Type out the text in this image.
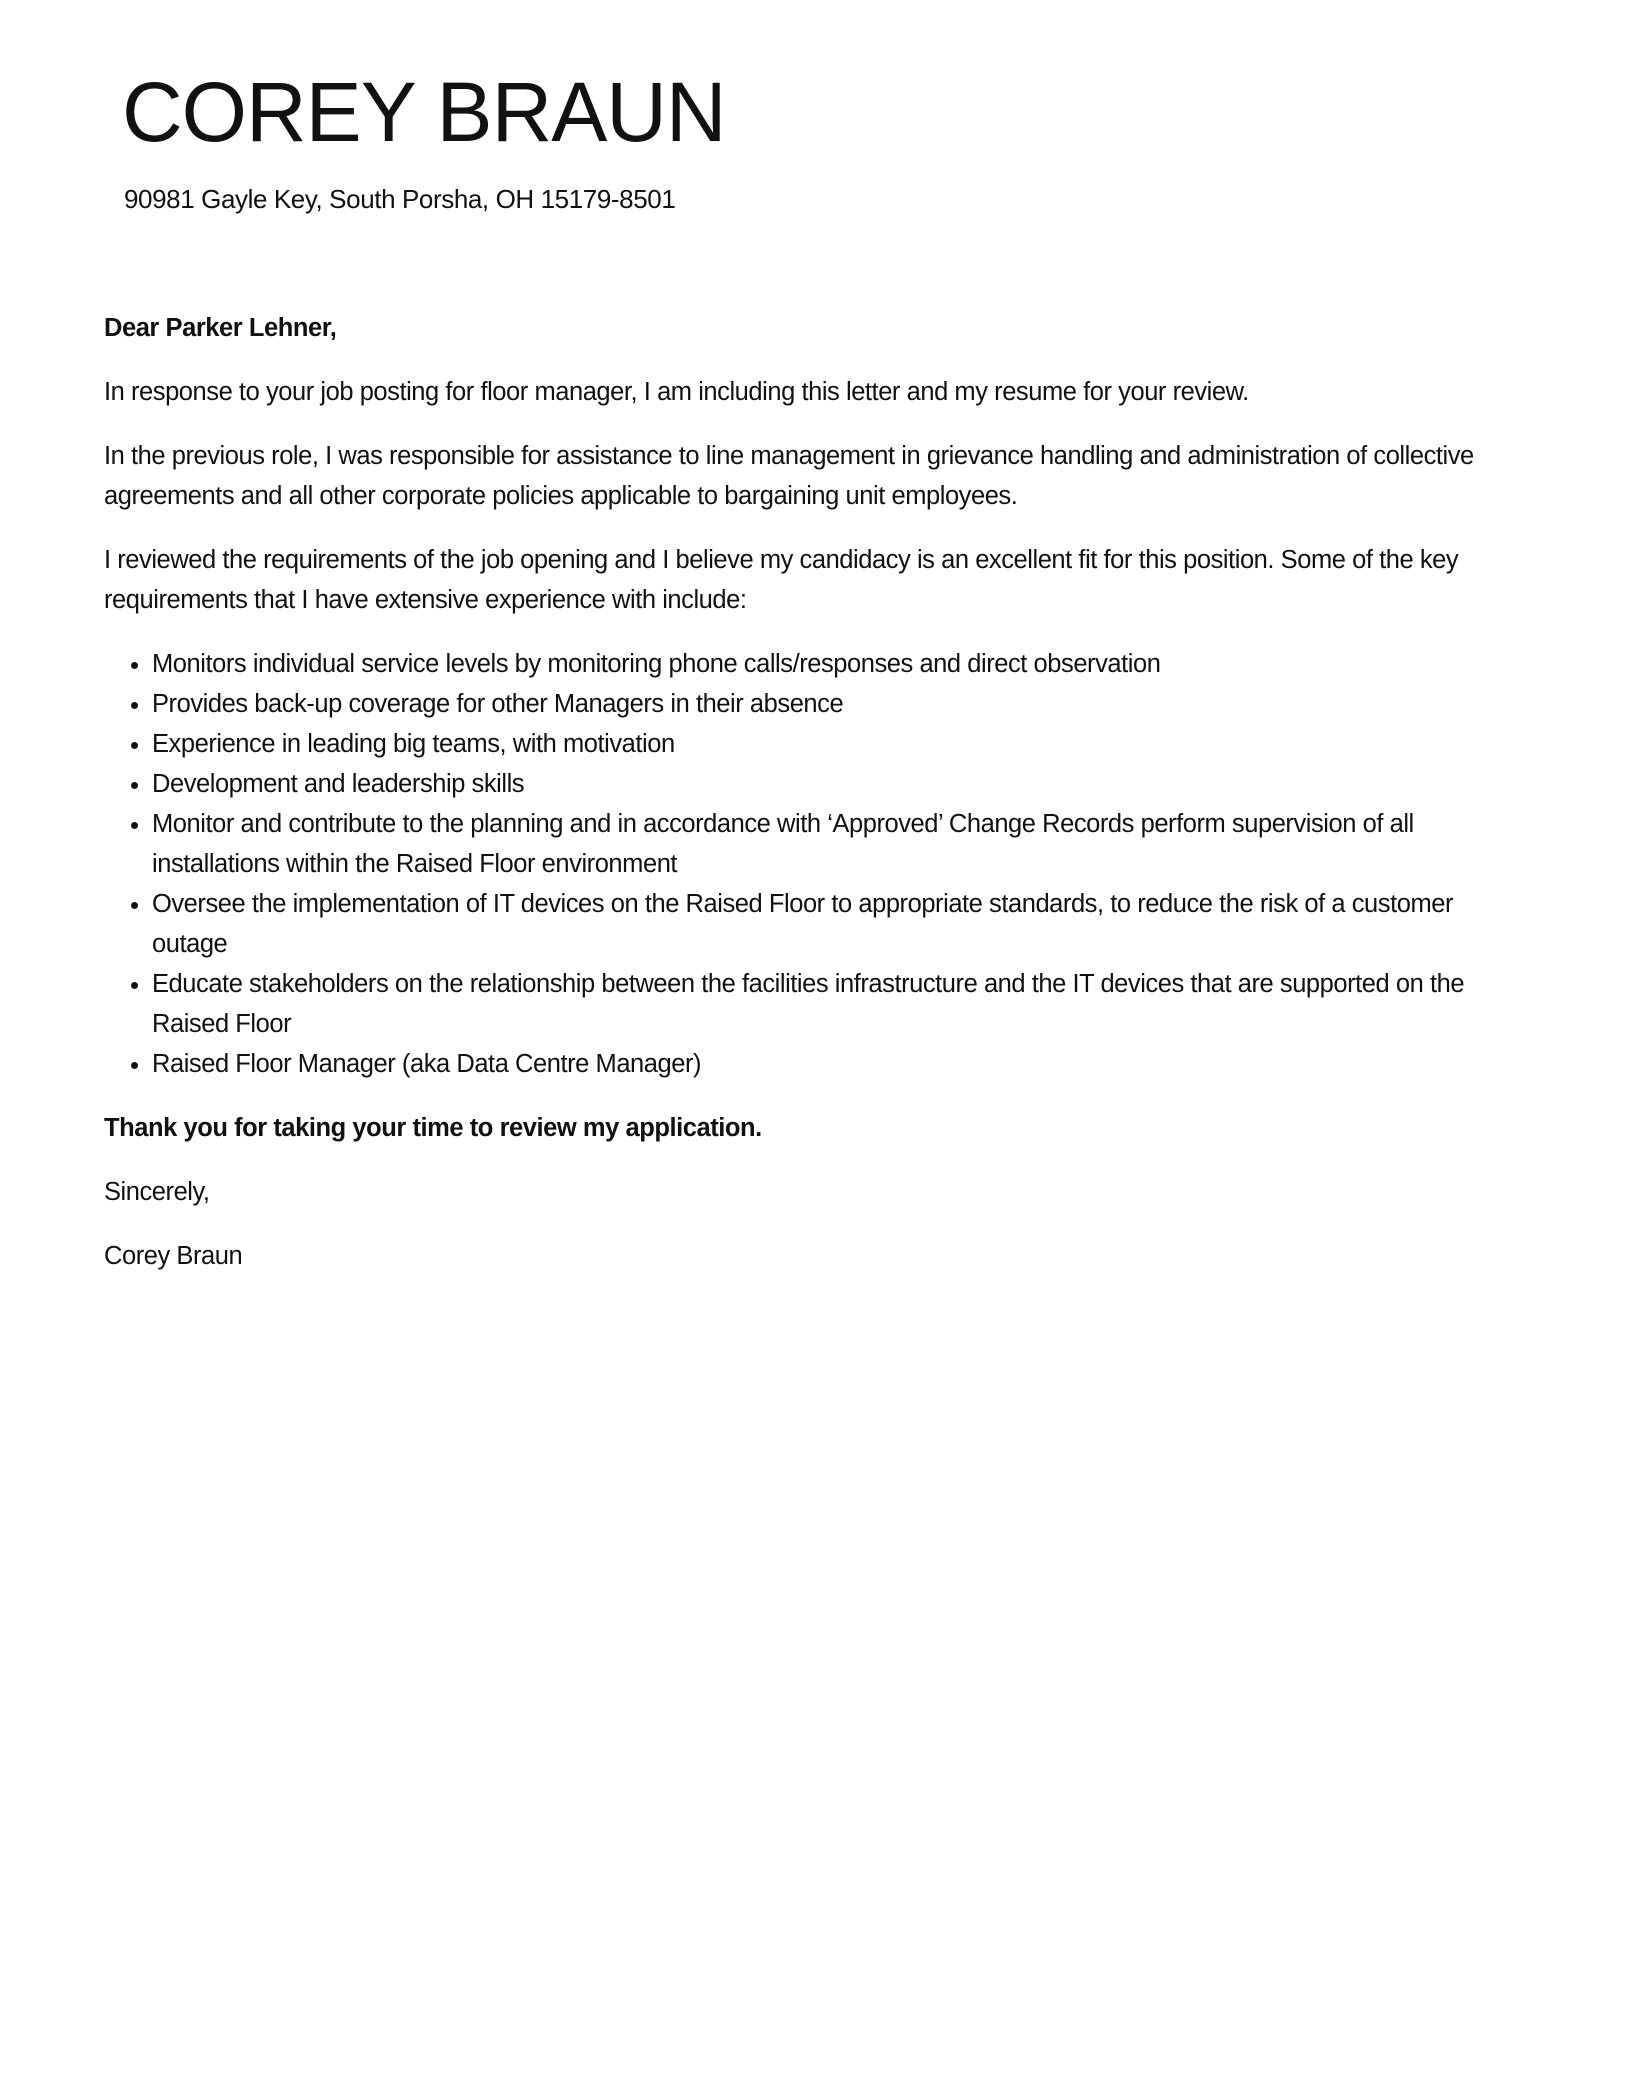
COREY BRAUN

90981 Gayle Key, South Porsha, OH 15179-8501

Dear Parker Lehner,

In response to your job posting for floor manager, I am including this letter and my resume for your review.

In the previous role, I was responsible for assistance to line management in grievance handling and administration of collective agreements and all other corporate policies applicable to bargaining unit employees.

I reviewed the requirements of the job opening and I believe my candidacy is an excellent fit for this position. Some of the key requirements that I have extensive experience with include:

• Monitors individual service levels by monitoring phone calls/responses and direct observation
• Provides back-up coverage for other Managers in their absence
• Experience in leading big teams, with motivation
• Development and leadership skills
• Monitor and contribute to the planning and in accordance with ‘Approved’ Change Records perform supervision of all installations within the Raised Floor environment
• Oversee the implementation of IT devices on the Raised Floor to appropriate standards, to reduce the risk of a customer outage
• Educate stakeholders on the relationship between the facilities infrastructure and the IT devices that are supported on the Raised Floor
• Raised Floor Manager (aka Data Centre Manager)

Thank you for taking your time to review my application.

Sincerely,

Corey Braun
